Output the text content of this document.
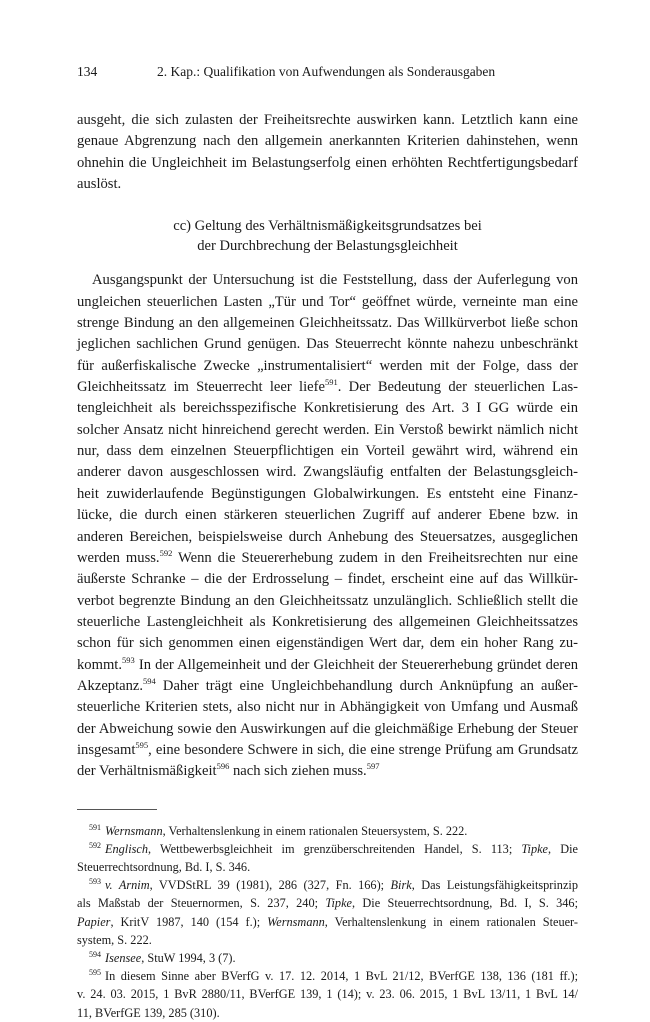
134	2. Kap.: Qualifikation von Aufwendungen als Sonderausgaben
ausgeht, die sich zulasten der Freiheitsrechte auswirken kann. Letztlich kann eine
genaue Abgrenzung nach den allgemein anerkannten Kriterien dahinstehen, wenn
ohnehin die Ungleichheit im Belastungserfolg einen erhöhten Rechtfertigungsbedarf
auslöst.
cc) Geltung des Verhältnismäßigkeitsgrundsatzes bei
der Durchbrechung der Belastungsgleichheit
Ausgangspunkt der Untersuchung ist die Feststellung, dass der Auferlegung von
ungleichen steuerlichen Lasten „Tür und Tor“ geöffnet würde, verneinte man eine
strenge Bindung an den allgemeinen Gleichheitssatz. Das Willkürverbot ließe schon
jeglichen sachlichen Grund genügen. Das Steuerrecht könnte nahezu unbeschränkt
für außerfiskalische Zwecke „instrumentalisiert“ werden mit der Folge, dass der
Gleichheitssatz im Steuerrecht leer liefe$^{591}$. Der Bedeutung der steuerlichen Las-
tengleichheit als bereichsspezifische Konkretisierung des Art. 3 I GG würde ein
solcher Ansatz nicht hinreichend gerecht werden. Ein Verstoß bewirkt nämlich nicht
nur, dass dem einzelnen Steuerpflichtigen ein Vorteil gewährt wird, während ein
anderer davon ausgeschlossen wird. Zwangsläufig entfalten der Belastungsgleich-
heit zuwiderlaufende Begünstigungen Globalwirkungen. Es entsteht eine Finanz-
lücke, die durch einen stärkeren steuerlichen Zugriff auf anderer Ebene bzw. in
anderen Bereichen, beispielsweise durch Anhebung des Steuersatzes, ausgeglichen
werden muss.$^{592}$ Wenn die Steuererhebung zudem in den Freiheitsrechten nur eine
äußerste Schranke – die der Erdrosselung – findet, erscheint eine auf das Willkür-
verbot begrenzte Bindung an den Gleichheitssatz unzulänglich. Schließlich stellt die
steuerliche Lastengleichheit als Konkretisierung des allgemeinen Gleichheitssatzes
schon für sich genommen einen eigenständigen Wert dar, dem ein hoher Rang zu-
kommt.$^{593}$ In der Allgemeinheit und der Gleichheit der Steuererhebung gründet deren
Akzeptanz.$^{594}$ Daher trägt eine Ungleichbehandlung durch Anknüpfung an außer-
steuerliche Kriterien stets, also nicht nur in Abhängigkeit von Umfang und Ausmaß
der Abweichung sowie den Auswirkungen auf die gleichmäßige Erhebung der Steuer
insgesamt$^{595}$, eine besondere Schwere in sich, die eine strenge Prüfung am Grundsatz
der Verhältnismäßigkeit$^{596}$ nach sich ziehen muss.$^{597}$
$^{591}$ Wernsmann, Verhaltenslenkung in einem rationalen Steuersystem, S. 222.
$^{592}$ Englisch, Wettbewerbsgleichheit im grenzüberschreitenden Handel, S. 113; Tipke, Die
Steuerrechtsordnung, Bd. I, S. 346.
$^{593}$ v. Arnim, VVDStRL 39 (1981), 286 (327, Fn. 166); Birk, Das Leistungsfähigkeitsprinzip
als Maßstab der Steuernormen, S. 237, 240; Tipke, Die Steuerrechtsordnung, Bd. I, S. 346;
Papier, KritV 1987, 140 (154 f.); Wernsmann, Verhaltenslenkung in einem rationalen Steuer-
system, S. 222.
$^{594}$ Isensee, StuW 1994, 3 (7).
$^{595}$ In diesem Sinne aber BVerfG v. 17. 12. 2014, 1 BvL 21/12, BVerfGE 138, 136 (181 ff.);
v. 24. 03. 2015, 1 BvR 2880/11, BVerfGE 139, 1 (14); v. 23. 06. 2015, 1 BvL 13/11, 1 BvL 14/
11, BVerfGE 139, 285 (310).
